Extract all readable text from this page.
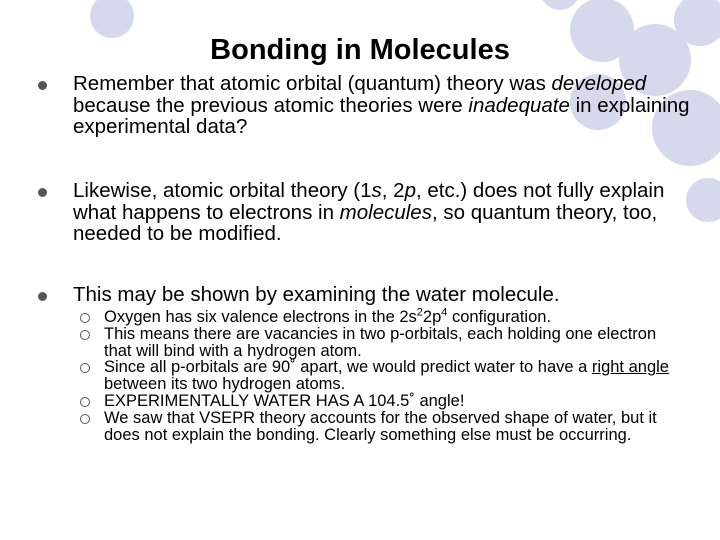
Bonding in Molecules
Remember that atomic orbital (quantum) theory was developed because the previous atomic theories were inadequate in explaining experimental data?
Likewise, atomic orbital theory (1s, 2p, etc.) does not fully explain what happens to electrons in molecules, so quantum theory, too, needed to be modified.
This may be shown by examining the water molecule.
Oxygen has six valence electrons in the $2s^22p^4$ configuration.
This means there are vacancies in two p-orbitals, each holding one electron that will bind with a hydrogen atom.
Since all p-orbitals are 90˚ apart, we would predict water to have a right angle between its two hydrogen atoms.
EXPERIMENTALLY WATER HAS A 104.5˚ angle!
We saw that VSEPR theory accounts for the observed shape of water, but it does not explain the bonding. Clearly something else must be occurring.
